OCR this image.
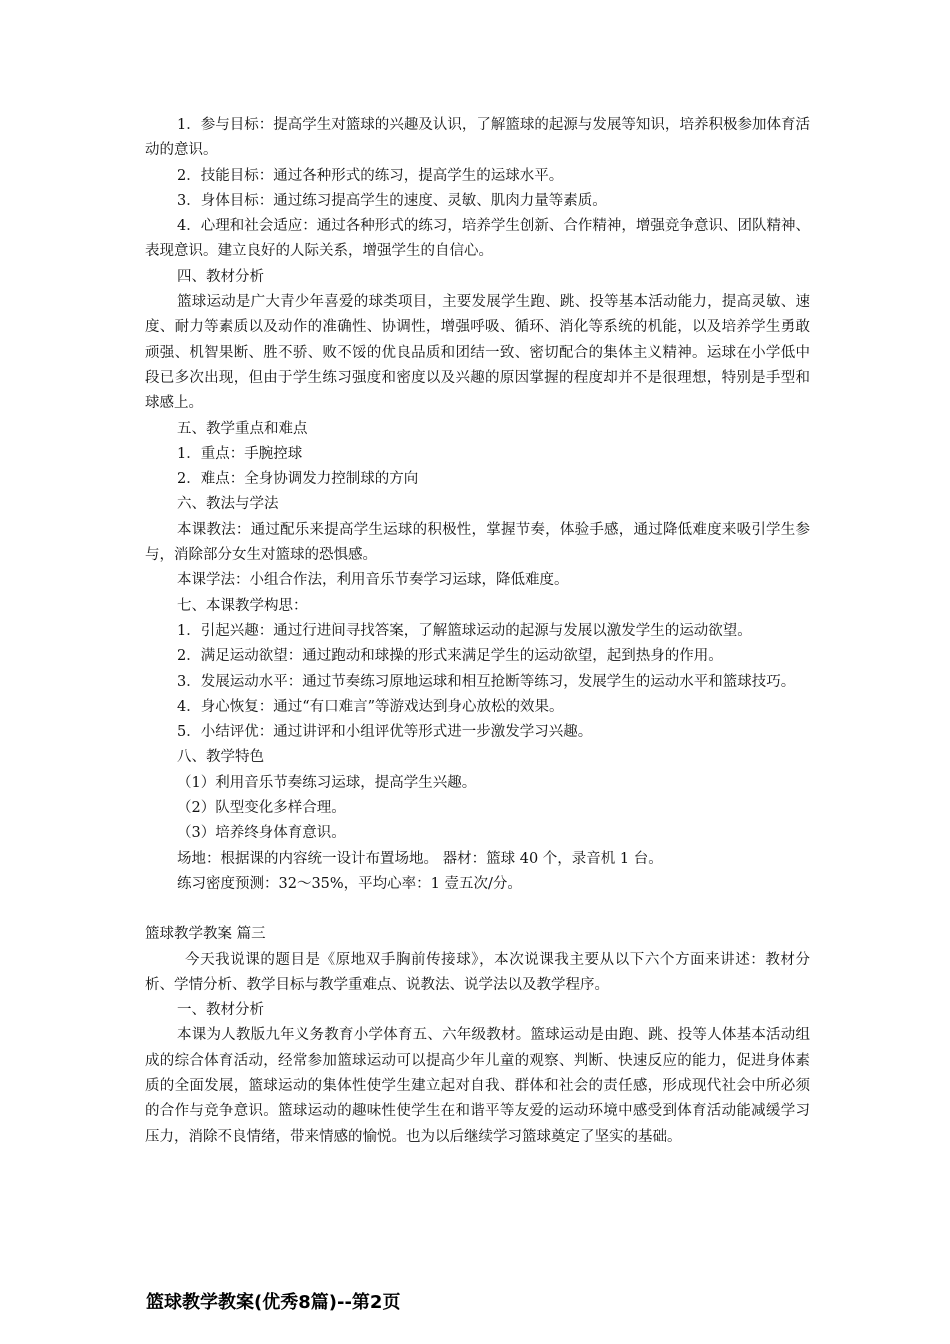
1．参与目标：提高学生对篮球的兴趣及认识，了解篮球的起源与发展等知识，培养积极参加体育活动的意识。

2．技能目标：通过各种形式的练习，提高学生的运球水平。

3．身体目标：通过练习提高学生的速度、灵敏、肌肉力量等素质。

4．心理和社会适应：通过各种形式的练习，培养学生创新、合作精神，增强竞争意识、团队精神、表现意识。建立良好的人际关系，增强学生的自信心。

四、教材分析

篮球运动是广大青少年喜爱的球类项目，主要发展学生跑、跳、投等基本活动能力，提高灵敏、速度、耐力等素质以及动作的准确性、协调性，增强呼吸、循环、消化等系统的机能，以及培养学生勇敢顽强、机智果断、胜不骄、败不馁的优良品质和团结一致、密切配合的集体主义精神。运球在小学低中段已多次出现，但由于学生练习强度和密度以及兴趣的原因掌握的程度却并不是很理想，特别是手型和球感上。

五、教学重点和难点

1．重点：手腕控球

2．难点：全身协调发力控制球的方向

六、教法与学法

本课教法：通过配乐来提高学生运球的积极性，掌握节奏，体验手感，通过降低难度来吸引学生参与，消除部分女生对篮球的恐惧感。

本课学法：小组合作法，利用音乐节奏学习运球，降低难度。

七、本课教学构思：

1．引起兴趣：通过行进间寻找答案，了解篮球运动的起源与发展以激发学生的运动欲望。

2．满足运动欲望：通过跑动和球操的形式来满足学生的运动欲望，起到热身的作用。

3．发展运动水平：通过节奏练习原地运球和相互抢断等练习，发展学生的运动水平和篮球技巧。

4．身心恢复：通过“有口难言”等游戏达到身心放松的效果。

5．小结评优：通过讲评和小组评优等形式进一步激发学习兴趣。

八、教学特色

（1）利用音乐节奏练习运球，提高学生兴趣。

（2）队型变化多样合理。

（3）培养终身体育意识。

场地：根据课的内容统一设计布置场地。 器材：篮球 40 个，录音机 1 台。

练习密度预测：32～35%，平均心率：1 壹五次/分。

篮球教学教案 篇三

今天我说课的题目是《原地双手胸前传接球》，本次说课我主要从以下六个方面来讲述：教材分析、学情分析、教学目标与教学重难点、说教法、说学法以及教学程序。

一、教材分析

本课为人教版九年义务教育小学体育五、六年级教材。篮球运动是由跑、跳、投等人体基本活动组成的综合体育活动，经常参加篮球运动可以提高少年儿童的观察、判断、快速反应的能力，促进身体素质的全面发展，篮球运动的集体性使学生建立起对自我、群体和社会的责任感，形成现代社会中所必须的合作与竞争意识。篮球运动的趣味性使学生在和谐平等友爱的运动环境中感受到体育活动能减缓学习压力，消除不良情绪，带来情感的愉悦。也为以后继续学习篮球奠定了坚实的基础。

篮球教学教案(优秀8篇)--第2页
